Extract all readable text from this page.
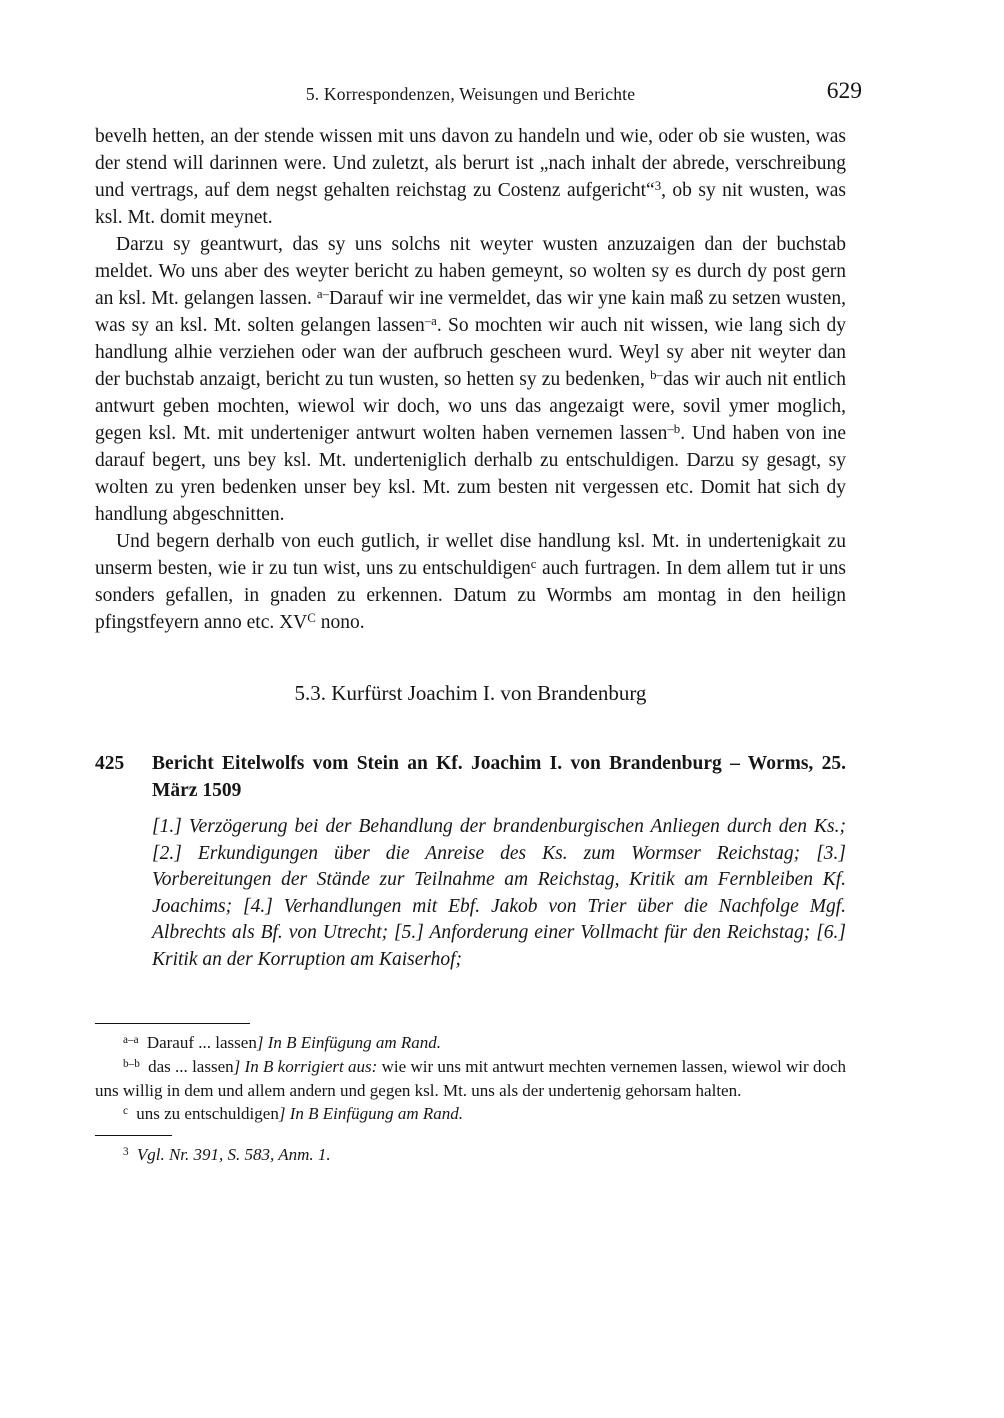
5. Korrespondenzen, Weisungen und Berichte	629

bevelh hetten, an der stende wissen mit uns davon zu handeln und wie, oder ob sie wusten, was der stend will darinnen were. Und zuletzt, als berurt ist „nach inhalt der abrede, verschreibung und vertrags, auf dem negst gehalten reichstag zu Costenz aufgericht“$^3$, ob sy nit wusten, was ksl. Mt. domit meynet.

Darzu sy geantwurt, das sy uns solchs nit weyter wusten anzuzaigen dan der buchstab meldet. Wo uns aber des weyter bericht zu haben gemeynt, so wolten sy es durch dy post gern an ksl. Mt. gelangen lassen. $^{a-}$Darauf wir ine vermeldet, das wir yne kain maß zu setzen wusten, was sy an ksl. Mt. solten gelangen lassen$^{-a}$. So mochten wir auch nit wissen, wie lang sich dy handlung alhie verziehen oder wan der aufbruch gescheen wurd. Weyl sy aber nit weyter dan der buchstab anzaigt, bericht zu tun wusten, so hetten sy zu bedenken, $^{b-}$das wir auch nit entlich antwurt geben mochten, wiewol wir doch, wo uns das angezaigt were, sovil ymer moglich, gegen ksl. Mt. mit underteniger antwurt wolten haben vernemen lassen$^{-b}$. Und haben von ine darauf begert, uns bey ksl. Mt. underteniglich derhalb zu entschuldigen. Darzu sy gesagt, sy wolten zu yren bedenken unser bey ksl. Mt. zum besten nit vergessen etc. Domit hat sich dy handlung abgeschnitten.

Und begern derhalb von euch gutlich, ir wellet dise handlung ksl. Mt. in undertenigkait zu unserm besten, wie ir zu tun wist, uns zu entschuldigen$^c$ auch furtragen. In dem allem tut ir uns sonders gefallen, in gnaden zu erkennen. Datum zu Wormbs am montag in den heilign pfingstfeyern anno etc. $XV^C$ nono.

5.3. Kurfürst Joachim I. von Brandenburg
425	Bericht Eitelwolfs vom Stein an Kf. Joachim I. von Brandenburg – Worms, 25. März 1509
[1.] Verzögerung bei der Behandlung der brandenburgischen Anliegen durch den Ks.; [2.] Erkundigungen über die Anreise des Ks. zum Wormser Reichstag; [3.] Vorbereitungen der Stände zur Teilnahme am Reichstag, Kritik am Fernbleiben Kf. Joachims; [4.] Verhandlungen mit Ebf. Jakob von Trier über die Nachfolge Mgf. Albrechts als Bf. von Utrecht; [5.] Anforderung einer Vollmacht für den Reichstag; [6.] Kritik an der Korruption am Kaiserhof;

$^{a-a}$ Darauf ... lassen] In B Einfügung am Rand.

$^{b-b}$ das ... lassen] In B korrigiert aus: wie wir uns mit antwurt mechten vernemen lassen, wiewol wir doch uns willig in dem und allem andern und gegen ksl. Mt. uns als der undertenig gehorsam halten.

$^c$ uns zu entschuldigen] In B Einfügung am Rand.

$^3$ Vgl. Nr. 391, S. 583, Anm. 1.
